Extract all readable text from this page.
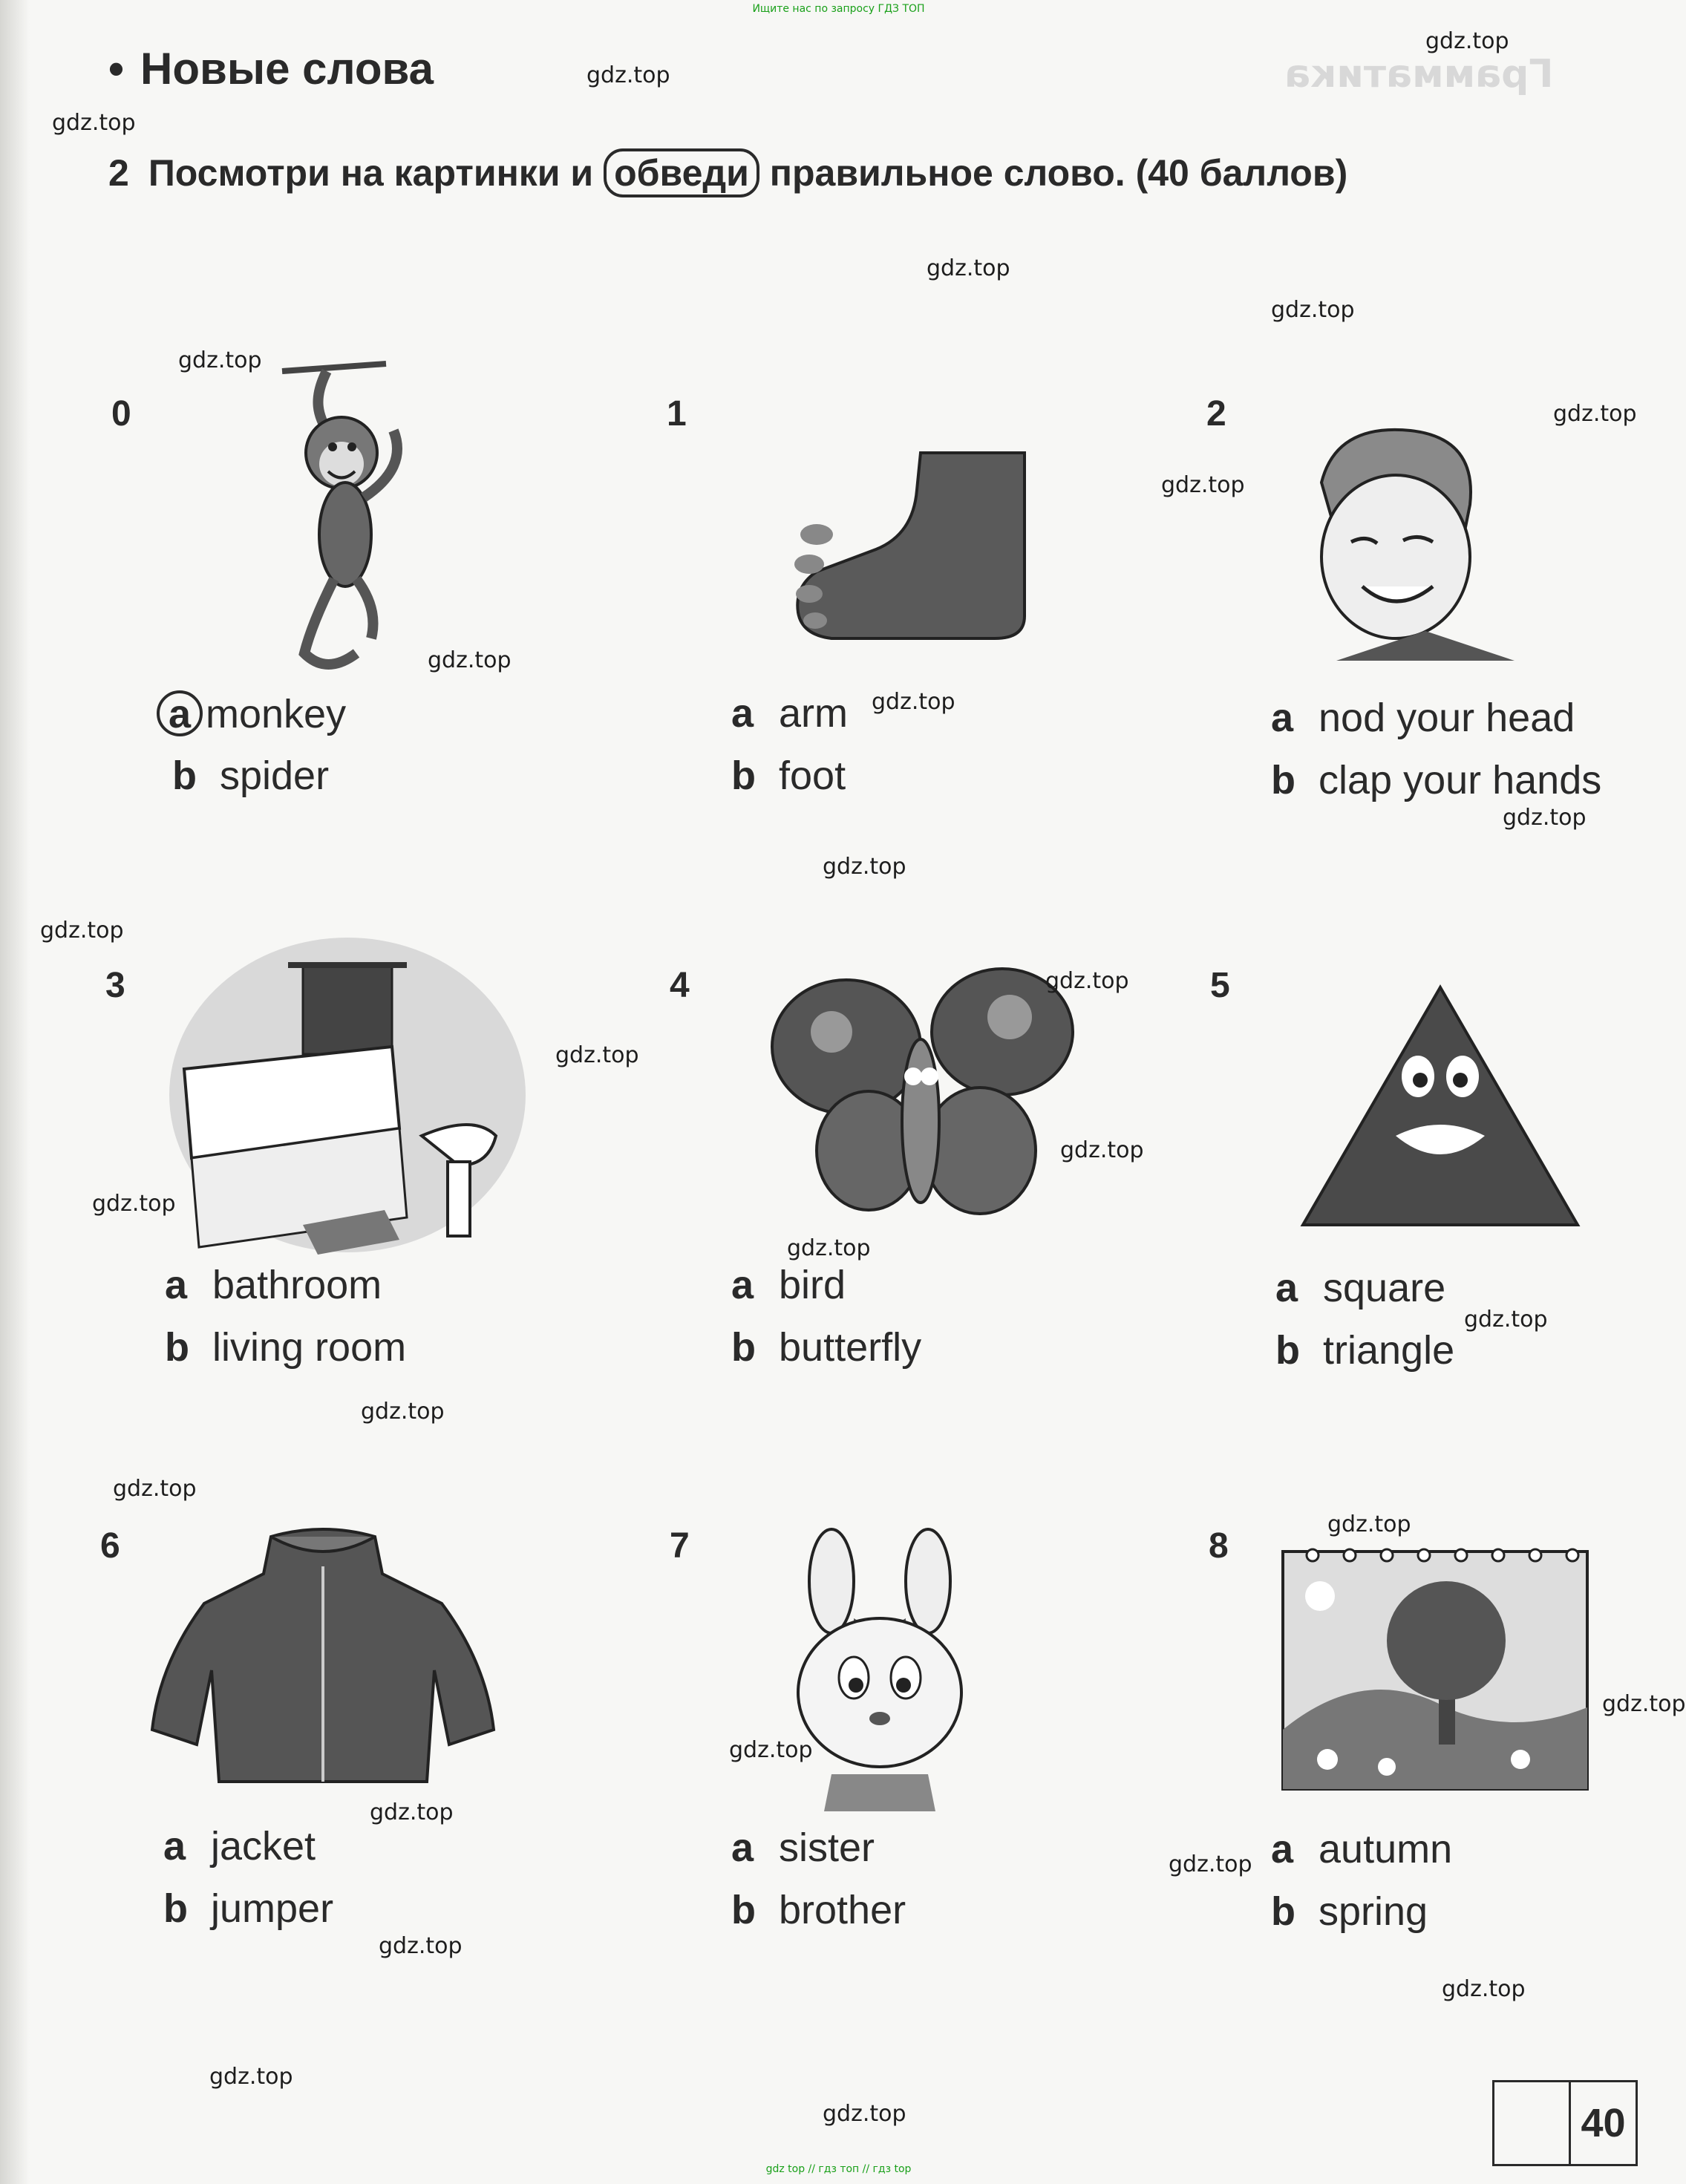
Грамматика
Ищите нас по запросу ГДЗ ТОП
• Новые слова
2 Посмотри на картинки и обведи правильное слово. (40 баллов)
0
a monkey
b spider
1
a arm
b foot
2
a nod your head
b clap your hands
3
a bathroom
b living room
4
a bird
b butterfly
5
a square
b triangle
6
a jacket
b jumper
7
a sister
b brother
8
a autumn
b spring
gdz.top
gdz.top
gdz.top
gdz.top
gdz.top
gdz.top
gdz.top
gdz.top
gdz.top
gdz.top
gdz.top
gdz.top
gdz.top
gdz.top
gdz.top
gdz.top
gdz.top
gdz.top
gdz.top
gdz.top
gdz.top
gdz.top
gdz.top
gdz.top
gdz.top
gdz.top
gdz.top
gdz.top
gdz.top
gdz.top	40
gdz top // гдз топ // гдз top
